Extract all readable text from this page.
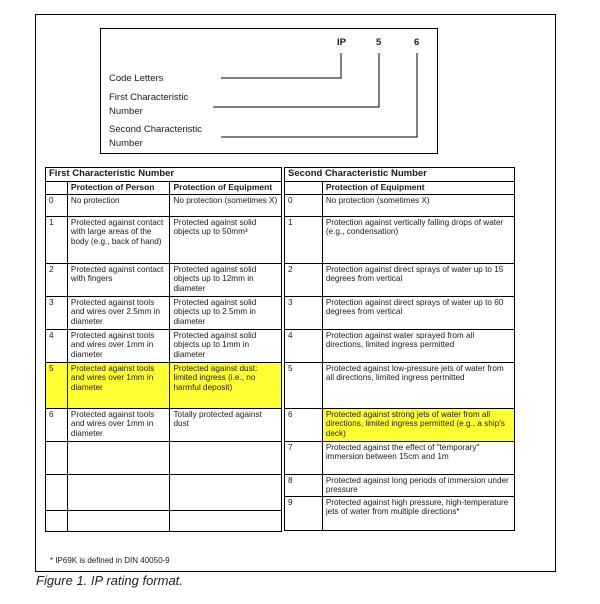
IP	5	6
Code Letters
First Characteristic
Number
Second Characteristic
Number
First Characteristic Number		
	Protection of Person	Protection of Equipment
0	No protection	No protection (sometimes X)
1	Protected against contact with large areas of the body (e.g., back of hand)	Protected against solid objects up to 50mm³
2	Protected against contact with fingers	Protected against solid objects up to 12mm in diameter
3	Protected against tools and wires over 2.5mm in diameter	Protected against solid objects up to 2.5mm in diameter
4	Protected against tools and wires over 1mm in diameter	Protected against solid objects up to 1mm in diameter
5	Protected against tools and wires over 1mm in diameter	Protected against dust: limited ingress (i.e., no harmful deposit)
6	Protected against tools and wires over 1mm in diameter	Totally protected against dust

Second Characteristic Number	
	Protection of Equipment
0	No protection (sometimes X)
1	Protection against vertically falling drops of water (e.g., condensation)
2	Protection against direct sprays of water up to 15 degrees from vertical
3	Protection against direct sprays of water up to 60 degrees from vertical
4	Protection against water sprayed from all directions, limited ingress permitted
5	Protected against low-pressure jets of water from all directions, limited ingress permitted
6	Protected against strong jets of water from all directions, limited ingress permitted (e.g., a ship's deck)
7	Protected against the effect of "temporary" immersion between 15cm and 1m
8	Protected against long periods of immersion under pressure
9	Protected against high pressure, high-temperature jets of water from multiple directions*
* IP69K is defined in DIN 40050-9
Figure 1. IP rating format.
